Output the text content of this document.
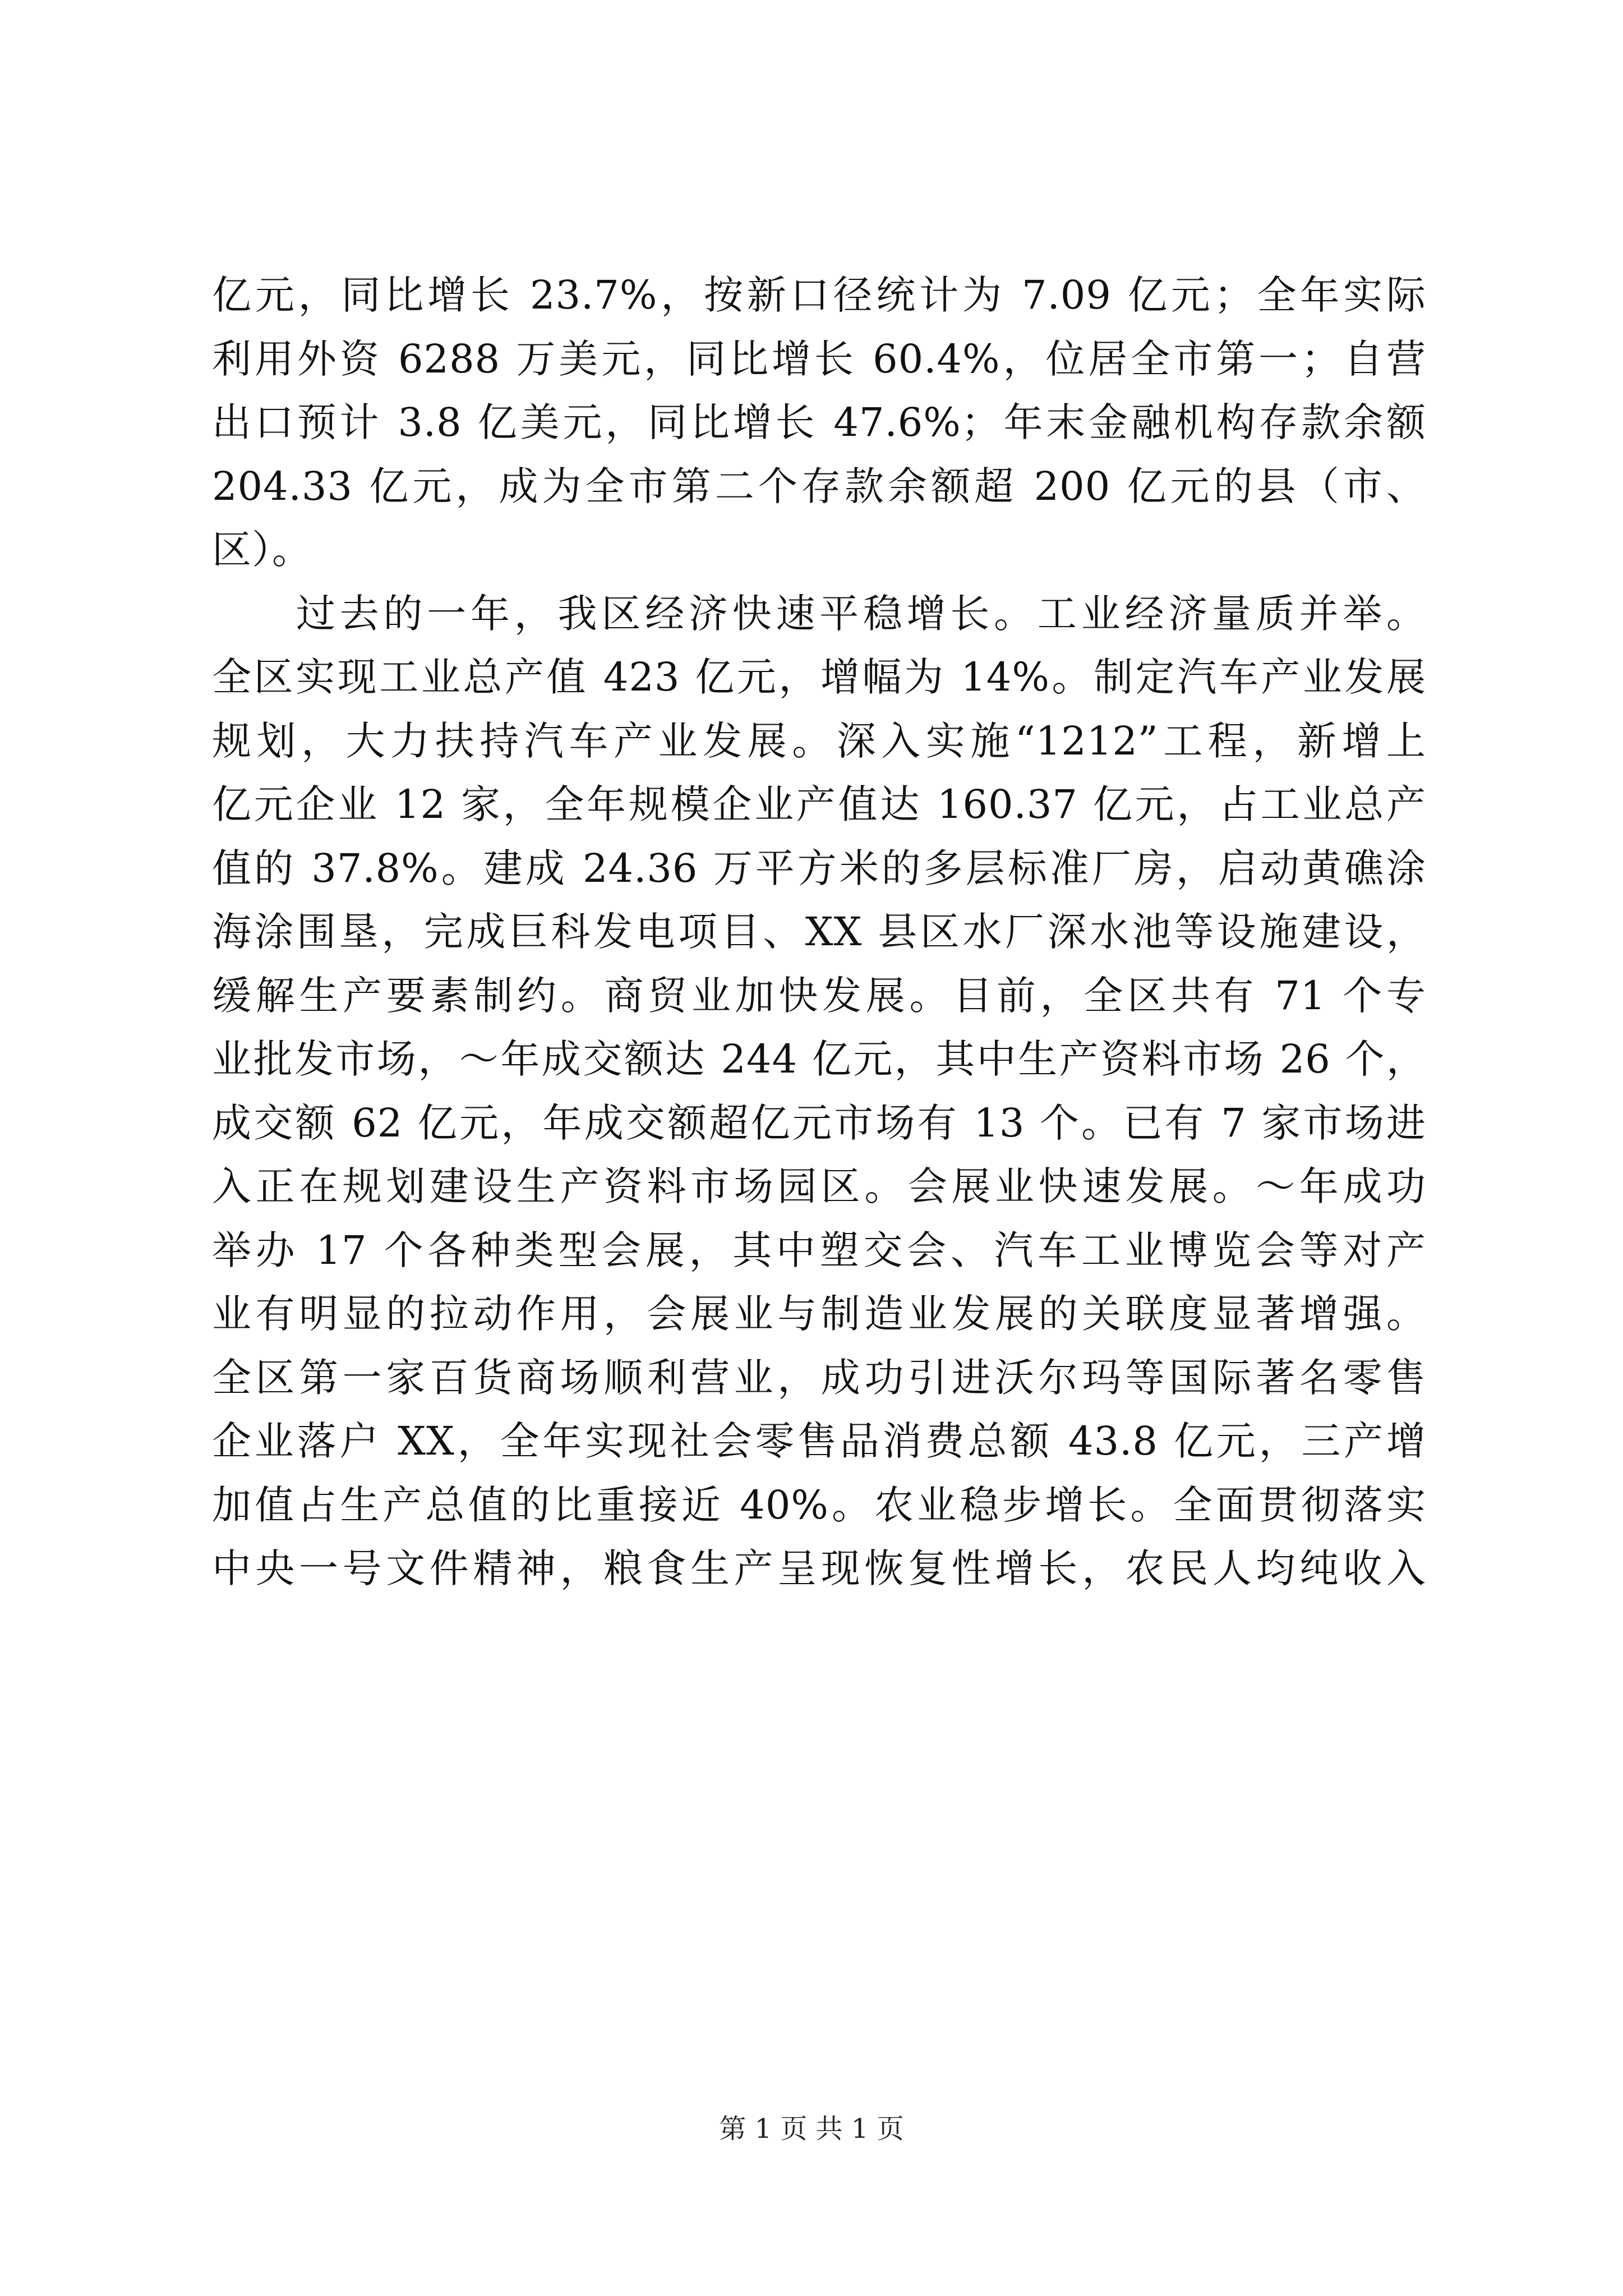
亿元，同比增长 23.7%，按新口径统计为 7.09 亿元；全年实际
利用外资 6288 万美元，同比增长 60.4%，位居全市第一；自营
出口预计 3.8 亿美元，同比增长 47.6%；年末金融机构存款余额
204.33 亿元，成为全市第二个存款余额超 200 亿元的县（市、
区）。
过去的一年，我区经济快速平稳增长。工业经济量质并举。
全区实现工业总产值 423 亿元，增幅为 14%。制定汽车产业发展
规划，大力扶持汽车产业发展。深入实施“1212”工程，新增上
亿元企业 12 家，全年规模企业产值达 160.37 亿元，占工业总产
值的 37.8%。建成 24.36 万平方米的多层标准厂房，启动黄礁涂
海涂围垦，完成巨科发电项目、XX 县区水厂深水池等设施建设，
缓解生产要素制约。商贸业加快发展。目前，全区共有 71 个专
业批发市场，～年成交额达 244 亿元，其中生产资料市场 26 个，
成交额 62 亿元，年成交额超亿元市场有 13 个。已有 7 家市场进
入正在规划建设生产资料市场园区。会展业快速发展。～年成功
举办 17 个各种类型会展，其中塑交会、汽车工业博览会等对产
业有明显的拉动作用，会展业与制造业发展的关联度显著增强。
全区第一家百货商场顺利营业，成功引进沃尔玛等国际著名零售
企业落户 XX，全年实现社会零售品消费总额 43.8 亿元，三产增
加值占生产总值的比重接近 40%。农业稳步增长。全面贯彻落实
中央一号文件精神，粮食生产呈现恢复性增长，农民人均纯收入
第 1 页 共 1 页
